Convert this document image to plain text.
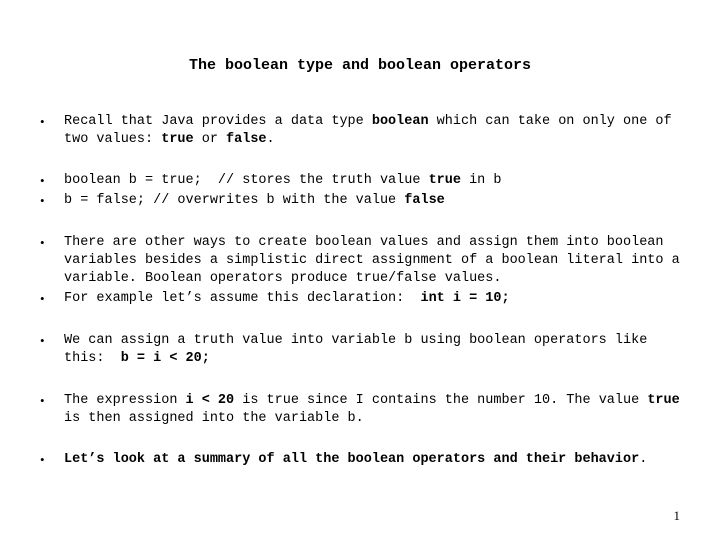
The boolean type and boolean operators
• Recall that Java provides a data type boolean which can take on only one of two values: true or false.
• boolean b = true;  // stores the truth value true in b
• b = false; // overwrites b with the value false
• There are other ways to create boolean values and assign them into boolean variables besides a simplistic direct assignment of a boolean literal into a variable. Boolean operators produce true/false values.
• For example let’s assume this declaration:  int i = 10;
• We can assign a truth value into variable b using boolean operators like this:  b = i < 20;
• The expression i < 20 is true since I contains the number 10. The value true is then assigned into the variable b.
• Let’s look at a summary of all the boolean operators and their behavior.
1
